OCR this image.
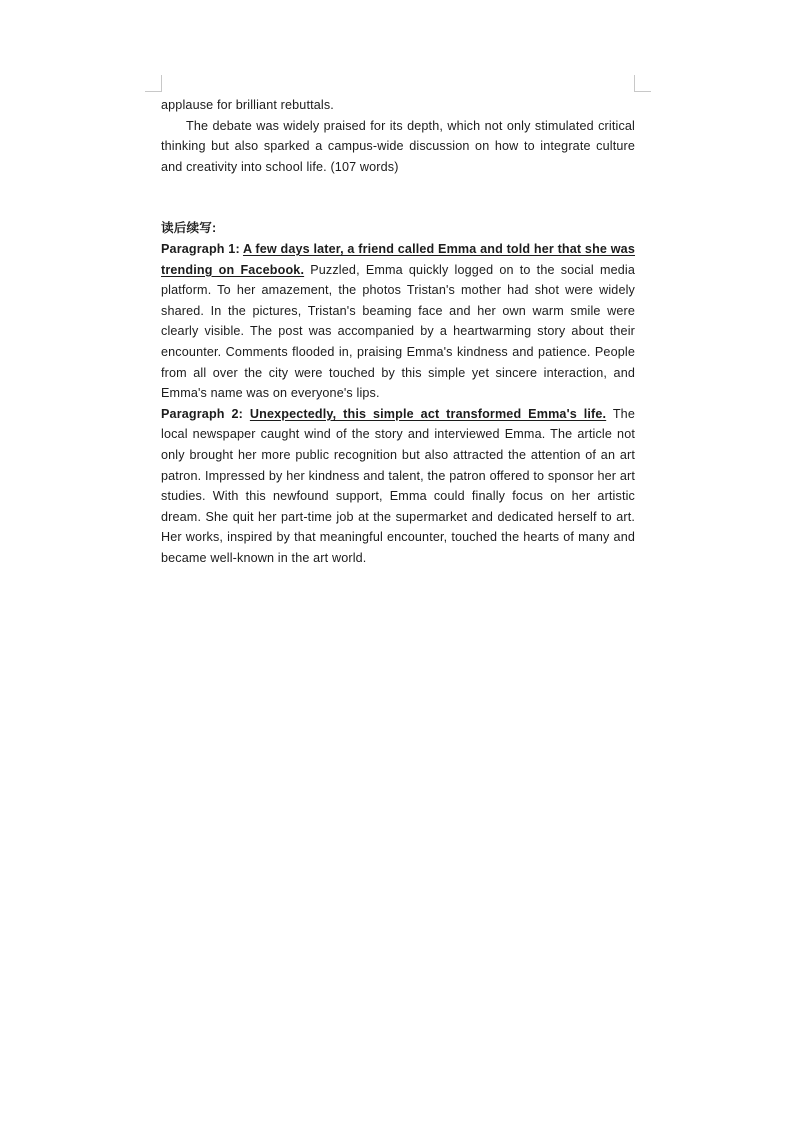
applause for brilliant rebuttals.

The debate was widely praised for its depth, which not only stimulated critical thinking but also sparked a campus-wide discussion on how to integrate culture and creativity into school life. (107 words)

读后续写:

Paragraph 1: A few days later, a friend called Emma and told her that she was trending on Facebook. Puzzled, Emma quickly logged on to the social media platform. To her amazement, the photos Tristan's mother had shot were widely shared. In the pictures, Tristan's beaming face and her own warm smile were clearly visible. The post was accompanied by a heartwarming story about their encounter. Comments flooded in, praising Emma's kindness and patience. People from all over the city were touched by this simple yet sincere interaction, and Emma's name was on everyone's lips.

Paragraph 2: Unexpectedly, this simple act transformed Emma's life. The local newspaper caught wind of the story and interviewed Emma. The article not only brought her more public recognition but also attracted the attention of an art patron. Impressed by her kindness and talent, the patron offered to sponsor her art studies. With this newfound support, Emma could finally focus on her artistic dream. She quit her part-time job at the supermarket and dedicated herself to art. Her works, inspired by that meaningful encounter, touched the hearts of many and became well-known in the art world.
